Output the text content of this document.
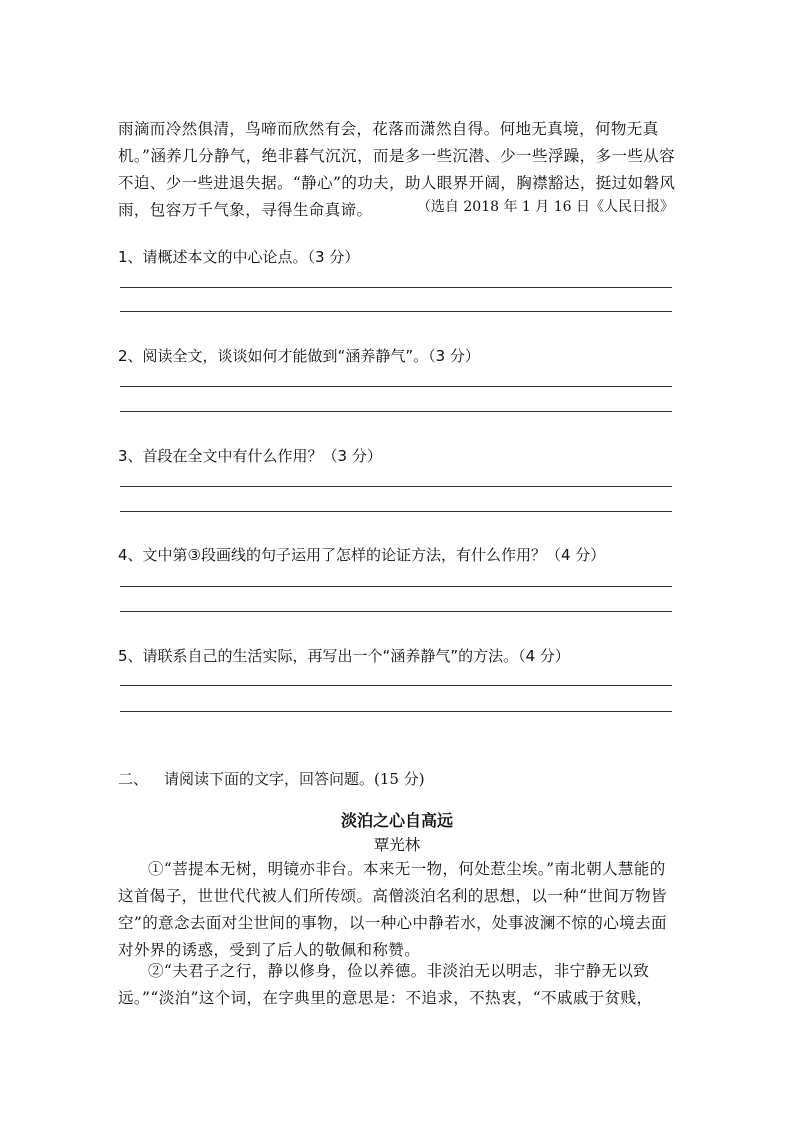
雨滴而冷然俱清，鸟啼而欣然有会，花落而潇然自得。何地无真境，何物无真机。”涵养几分静气，绝非暮气沉沉，而是多一些沉潜、少一些浮躁，多一些从容不迫、少一些进退失据。“静心”的功夫，助人眼界开阔，胸襟豁达，挺过如磐风雨，包容万千气象，寻得生命真谛。	（选自 2018 年 1 月 16 日《人民日报》
1、请概述本文的中心论点。（3 分）
2、阅读全文，谈谈如何才能做到“涵养静气”。（3 分）
3、首段在全文中有什么作用？（3 分）
4、文中第③段画线的句子运用了怎样的论证方法，有什么作用？（4 分）
5、请联系自己的生活实际，再写出一个“涵养静气”的方法。（4 分）
二、 请阅读下面的文字，回答问题。(15 分)
淡泊之心自高远
覃光林
①“菩提本无树，明镜亦非台。本来无一物，何处惹尘埃。”南北朝人慧能的这首偈子，世世代代被人们所传颂。高僧淡泊名利的思想，以一种“世间万物皆空”的意念去面对尘世间的事物，以一种心中静若水，处事波澜不惊的心境去面对外界的诱惑，受到了后人的敬佩和称赞。
②“夫君子之行，静以修身，俭以养德。非淡泊无以明志，非宁静无以致远。”“淡泊”这个词，在字典里的意思是：不追求，不热衷，“不戚戚于贫贱，
